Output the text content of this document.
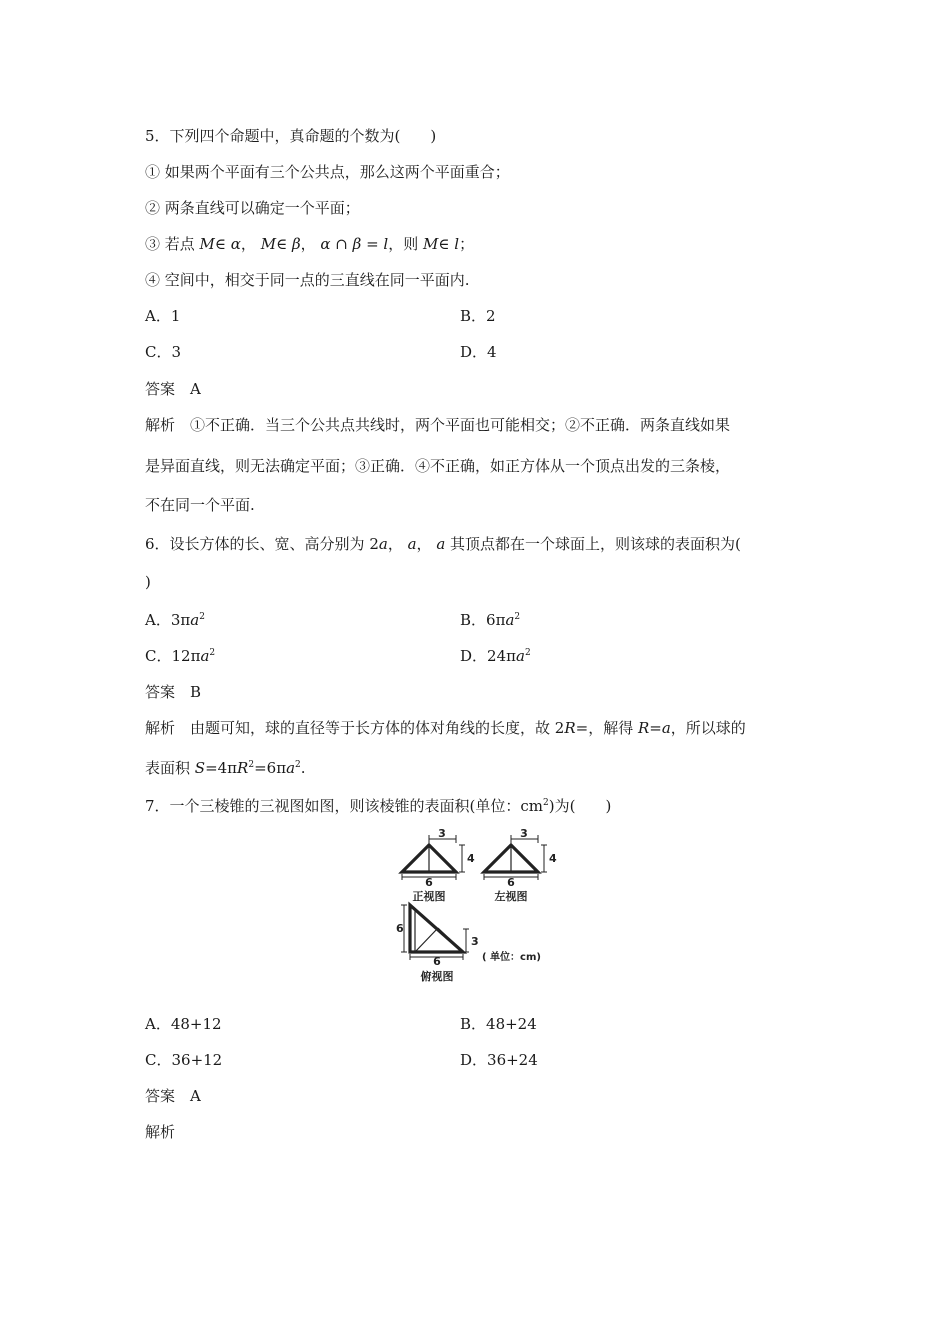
5．下列四个命题中，真命题的个数为(　　)
① 如果两个平面有三个公共点，那么这两个平面重合；
② 两条直线可以确定一个平面；
③ 若点 M∈ α， M∈ β， α ∩ β = l，则 M∈ l；
④ 空间中，相交于同一点的三直线在同一平面内.
A．1	B．2
C．3	D．4
答案　A
解析　①不正确．当三个公共点共线时，两个平面也可能相交；②不正确．两条直线如果
是异面直线，则无法确定平面；③正确．④不正确，如正方体从一个顶点出发的三条棱，
不在同一个平面.
6．设长方体的长、宽、高分别为 2a， a， a 其顶点都在一个球面上，则该球的表面积为(
)
A．$3\pi a^2$	B．$6\pi a^2$
C．$12\pi a^2$	D．$24\pi a^2$
答案　B
解析　由题可知，球的直径等于长方体的体对角线的长度，故 2R=，解得 R=a，所以球的
表面积 $S=4\pi R^2=6\pi a^2$.
7．一个三棱锥的三视图如图，则该棱锥的表面积(单位：$cm^2$)为(　　)
3
4
6
正视图
3
4
6
左视图
6
3
6
俯视图
( 单位：cm)
A．48+12	B．48+24
C．36+12	D．36+24
答案　A
解析
